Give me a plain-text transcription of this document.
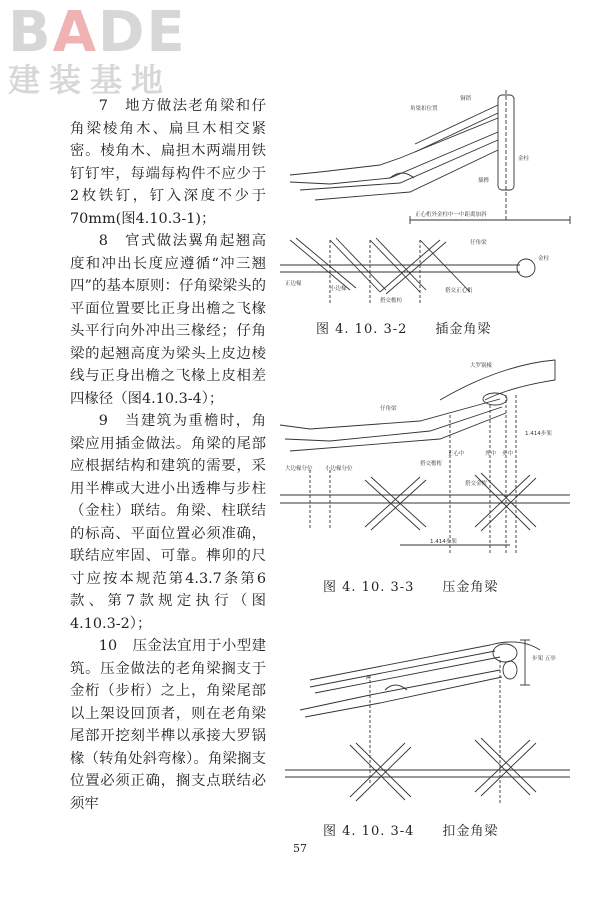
BADE
建装基地

7　地方做法老角梁和仔角梁棱角木、扁旦木相交紧密。棱角木、扁担木两端用铁钉钉牢，每端每构件不应少于2枚铁钉，钉入深度不少于70mm(图4.10.3-1)；

8　官式做法翼角起翘高度和冲出长度应遵循“冲三翘四”的基本原则：仔角梁梁头的平面位置要比正身出檐之飞椽头平行向外冲出三椽经；仔角梁的起翘高度为梁头上皮边棱线与正身出檐之飞椽上皮相差四椽径（图4.10.3-4）；

9　当建筑为重檐时，角梁应用插金做法。角梁的尾部应根据结构和建筑的需要，采用半榫或大进小出透榫与步柱（金柱）联结。角梁、柱联结的标高、平面位置必须准确，联结应牢固、可靠。榫卯的尺寸应按本规范第4.3.7条第6款、第7款规定执行（图4.10.3-2）；

10　压金法宜用于小型建筑。压金做法的老角梁搁支于金桁（步桁）之上，角梁尾部以上架设回顶者，则在老角梁尾部开挖刻半榫以承接大罗锅椽（转角处斜弯椽）。角梁搁支位置必须正确，搁支点联结必须牢

角梁扣位置
铜销
金柱
插榫
正心桁外金柱中一中距离加斜
仔角梁
金柱
正边椽
小边椽
搭交檐枋
搭交正心桁
图 4. 10. 3-2　　插金角梁
大罗锅椽
仔角梁
大边椽分位 小边椽分位
搭交檐桁
正心中	外中 步中
搭交金桁
1.414步架
1.414步架
图 4. 10. 3-3　　压金角梁
步架 五举
A
图 4. 10. 3-4　　扣金角梁
57
